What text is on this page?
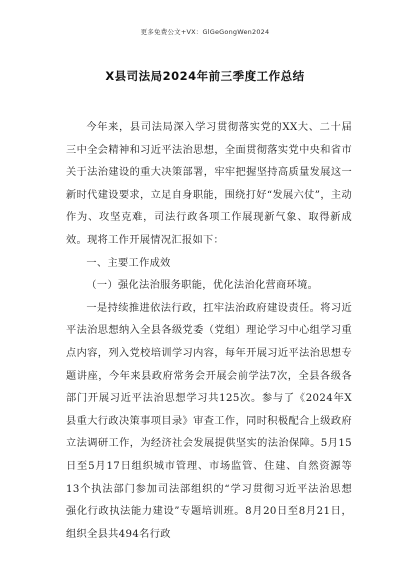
更多免费公文+VX：GlGeGongWen2024
X县司法局2024年前三季度工作总结

今年来，县司法局深入学习贯彻落实党的XX大、二十届三中全会精神和习近平法治思想，全面贯彻落实党中央和省市关于法治建设的重大决策部署，牢牢把握坚持高质量发展这一新时代建设要求，立足自身职能，围绕打好“发展六仗”，主动作为、攻坚克难，司法行政各项工作展现新气象、取得新成效。现将工作开展情况汇报如下：

一、主要工作成效

（一）强化法治服务职能，优化法治化营商环境。

一是持续推进依法行政，扛牢法治政府建设责任。将习近平法治思想纳入全县各级党委（党组）理论学习中心组学习重点内容，列入党校培训学习内容，每年开展习近平法治思想专题讲座，今年来县政府常务会开展会前学法7次，全县各级各部门开展习近平法治思想学习共125次。参与了《2024年X县重大行政决策事项目录》审查工作，同时积极配合上级政府立法调研工作，为经济社会发展提供坚实的法治保障。5月15日至5月17日组织城市管理、市场监管、住建、自然资源等13个执法部门参加司法部组织的“学习贯彻习近平法治思想 强化行政执法能力建设”专题培训班。8月20日至8月21日，组织全县共494名行政
